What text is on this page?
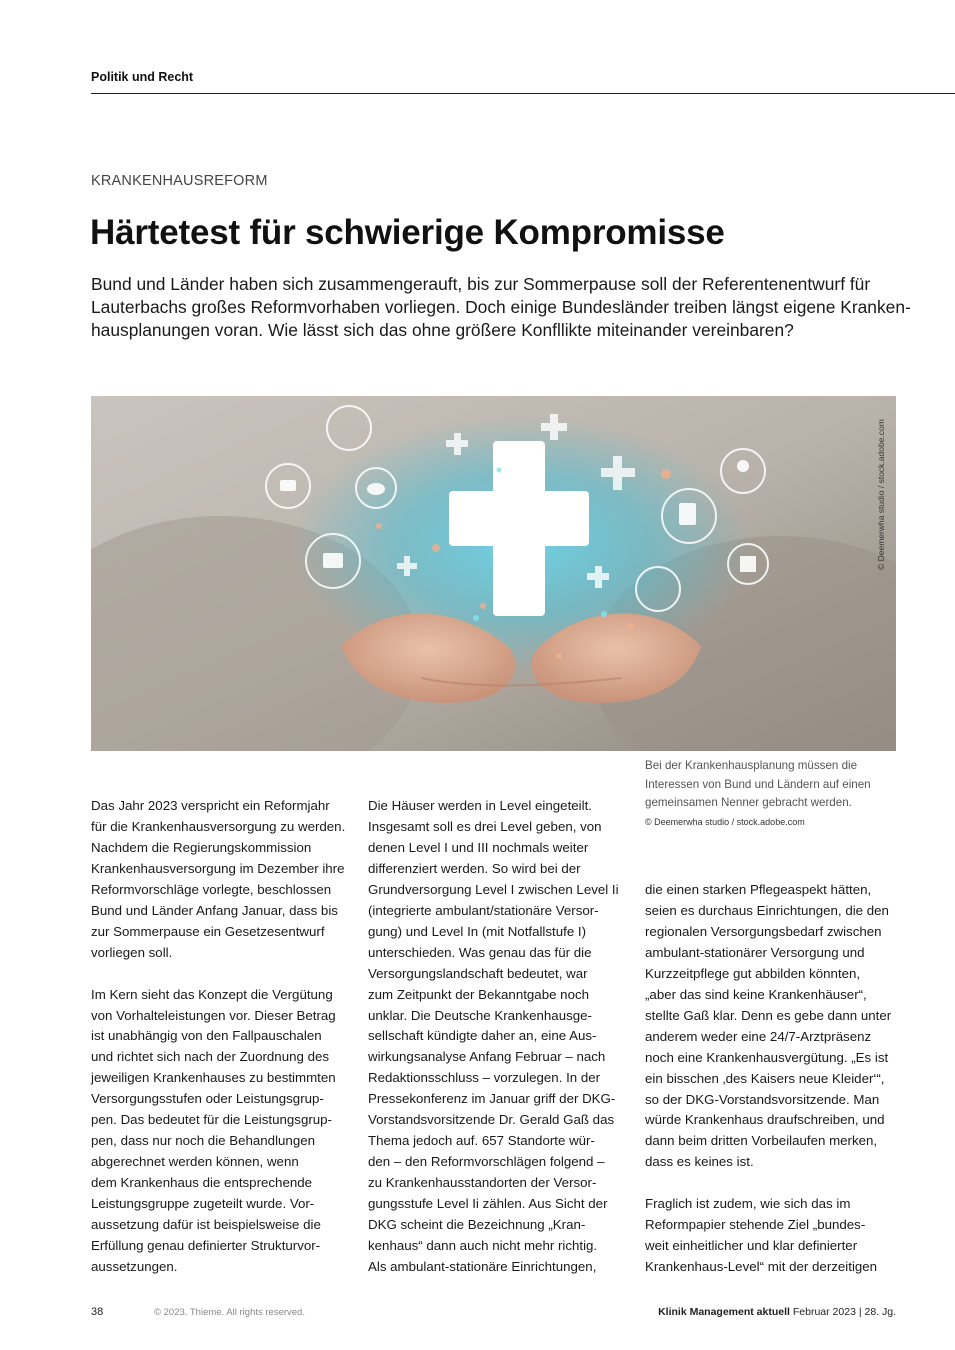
Politik und Recht
KRANKENHAUSREFORM
Härtetest für schwierige Kompromisse
Bund und Länder haben sich zusammengerauft, bis zur Sommerpause soll der Referentenentwurf für
Lauterbachs großes Reformvorhaben vorliegen. Doch einige Bundesländer treiben längst eigene Kranken-
hausplanungen voran. Wie lässt sich das ohne größere Konfllikte miteinander vereinbaren?
© Deemerwha studio / stock.adobe.com
Bei der Krankenhausplanung müssen die
Interessen von Bund und Ländern auf einen
gemeinsamen Nenner gebracht werden.
© Deemerwha studio / stock.adobe.com
Das Jahr 2023 verspricht ein Reformjahr
für die Krankenhausversorgung zu werden.
Nachdem die Regierungskommission
Krankenhausversorgung im Dezember ihre
Reformvorschläge vorlegte, beschlossen
Bund und Länder Anfang Januar, dass bis
zur Sommerpause ein Gesetzesentwurf
vorliegen soll.
Im Kern sieht das Konzept die Vergütung
von Vorhalteleistungen vor. Dieser Betrag
ist unabhängig von den Fallpauschalen
und richtet sich nach der Zuordnung des
jeweiligen Krankenhauses zu bestimmten
Versorgungsstufen oder Leistungsgrup-
pen. Das bedeutet für die Leistungsgrup-
pen, dass nur noch die Behandlungen
abgerechnet werden können, wenn
dem Krankenhaus die entsprechende
Leistungsgruppe zugeteilt wurde. Vor-
aussetzung dafür ist beispielsweise die
Erfüllung genau definierter Strukturvor-
aussetzungen.
Die Häuser werden in Level eingeteilt.
Insgesamt soll es drei Level geben, von
denen Level I und III nochmals weiter
differenziert werden. So wird bei der
Grundversorgung Level I zwischen Level Ii
(integrierte ambulant/stationäre Versor-
gung) und Level In (mit Notfallstufe I)
unterschieden. Was genau das für die
Versorgungslandschaft bedeutet, war
zum Zeitpunkt der Bekanntgabe noch
unklar. Die Deutsche Krankenhausge-
sellschaft kündigte daher an, eine Aus-
wirkungsanalyse Anfang Februar – nach
Redaktionsschluss – vorzulegen. In der
Pressekonferenz im Januar griff der DKG-
Vorstandsvorsitzende Dr. Gerald Gaß das
Thema jedoch auf. 657 Standorte wür-
den – den Reformvorschlägen folgend –
zu Krankenhausstandorten der Versor-
gungsstufe Level Ii zählen. Aus Sicht der
DKG scheint die Bezeichnung „Kran-
kenhaus“ dann auch nicht mehr richtig.
Als ambulant-stationäre Einrichtungen,
die einen starken Pflegeaspekt hätten,
seien es durchaus Einrichtungen, die den
regionalen Versorgungsbedarf zwischen
ambulant-stationärer Versorgung und
Kurzzeitpflege gut abbilden könnten,
„aber das sind keine Krankenhäuser“,
stellte Gaß klar. Denn es gebe dann unter
anderem weder eine 24/7-Arztpräsenz
noch eine Krankenhausvergütung. „Es ist
ein bisschen ‚des Kaisers neue Kleider‘“,
so der DKG-Vorstandsvorsitzende. Man
würde Krankenhaus draufschreiben, und
dann beim dritten Vorbeilaufen merken,
dass es keines ist.
Fraglich ist zudem, wie sich das im
Reformpapier stehende Ziel „bundes-
weit einheitlicher und klar definierter
Krankenhaus-Level“ mit der derzeitigen
38	© 2023. Thieme. All rights reserved.	Klinik Management aktuell Februar 2023 | 28. Jg.
